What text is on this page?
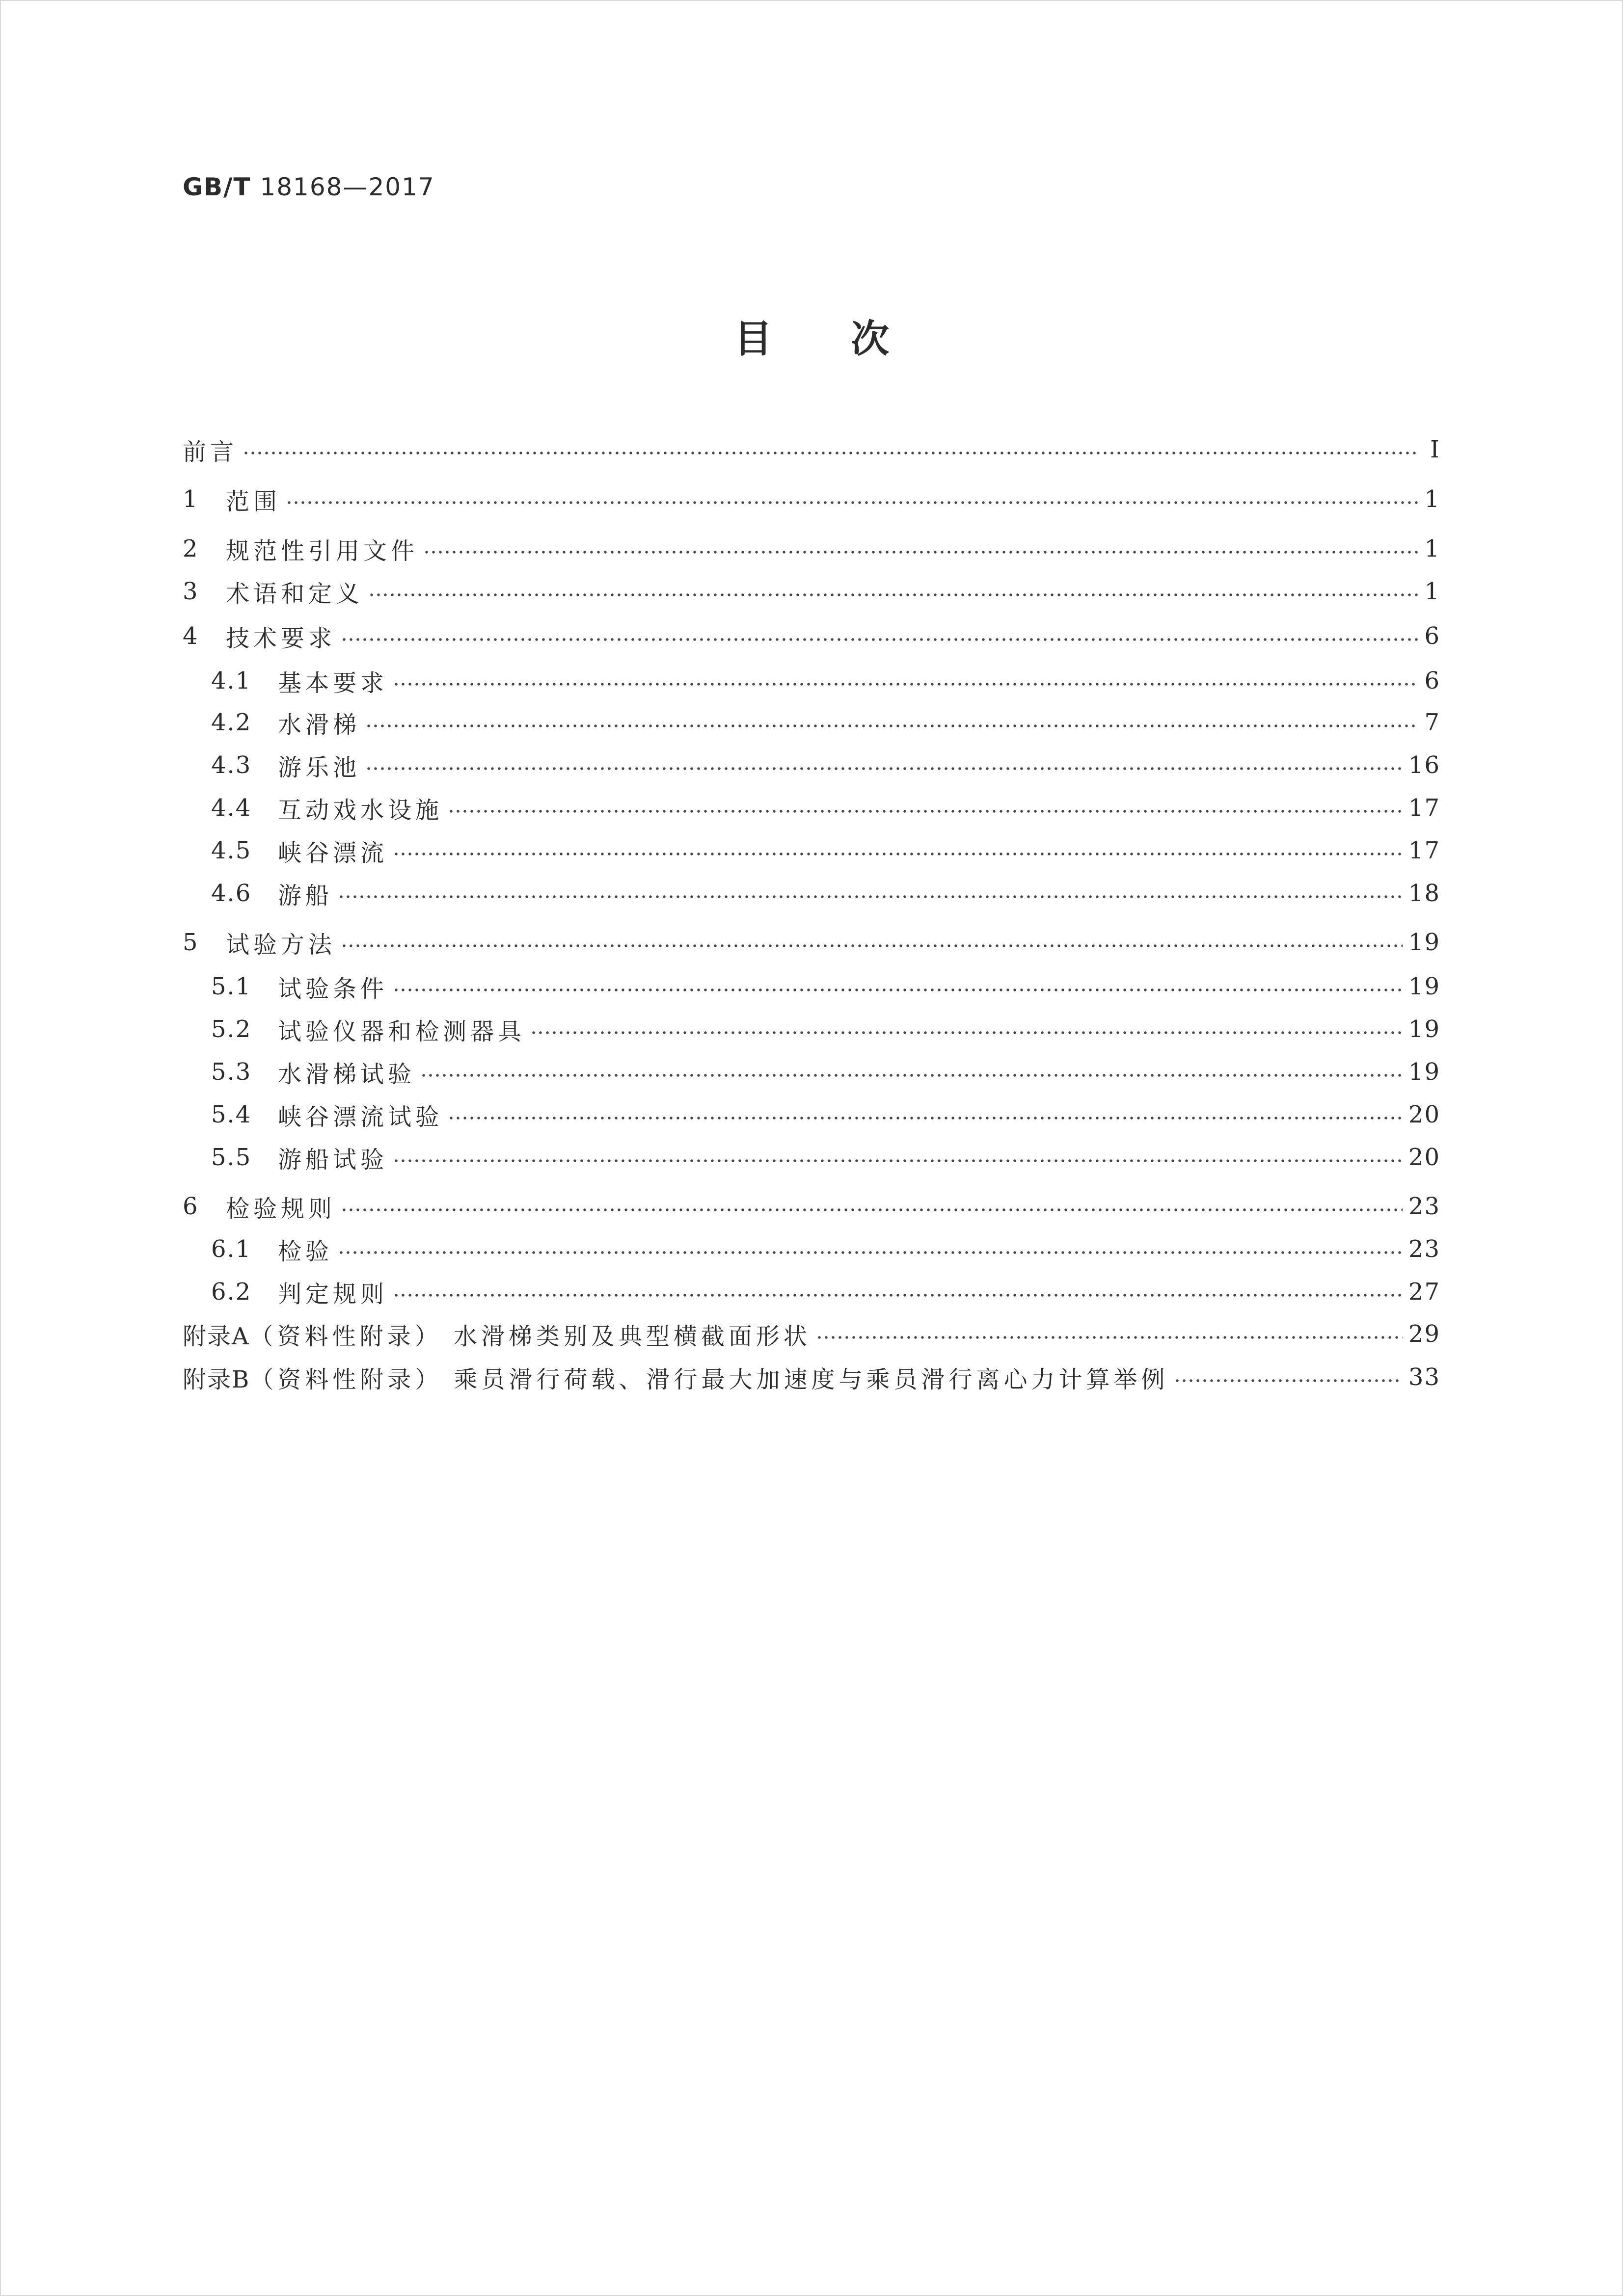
GB/T 18168—2017
目次
前言	Ⅰ
1	范围	1
2	规范性引用文件	1
3	术语和定义	1
4	技术要求	6
4.1	基本要求	6
4.2	水滑梯	7
4.3	游乐池	16
4.4	互动戏水设施	17
4.5	峡谷漂流	17
4.6	游船	18
5	试验方法	19
5.1	试验条件	19
5.2	试验仪器和检测器具	19
5.3	水滑梯试验	19
5.4	峡谷漂流试验	20
5.5	游船试验	20
6	检验规则	23
6.1	检验	23
6.2	判定规则	27
附录A （资料性附录） 水滑梯类别及典型横截面形状	29
附录B （资料性附录） 乘员滑行荷载、滑行最大加速度与乘员滑行离心力计算举例	33
